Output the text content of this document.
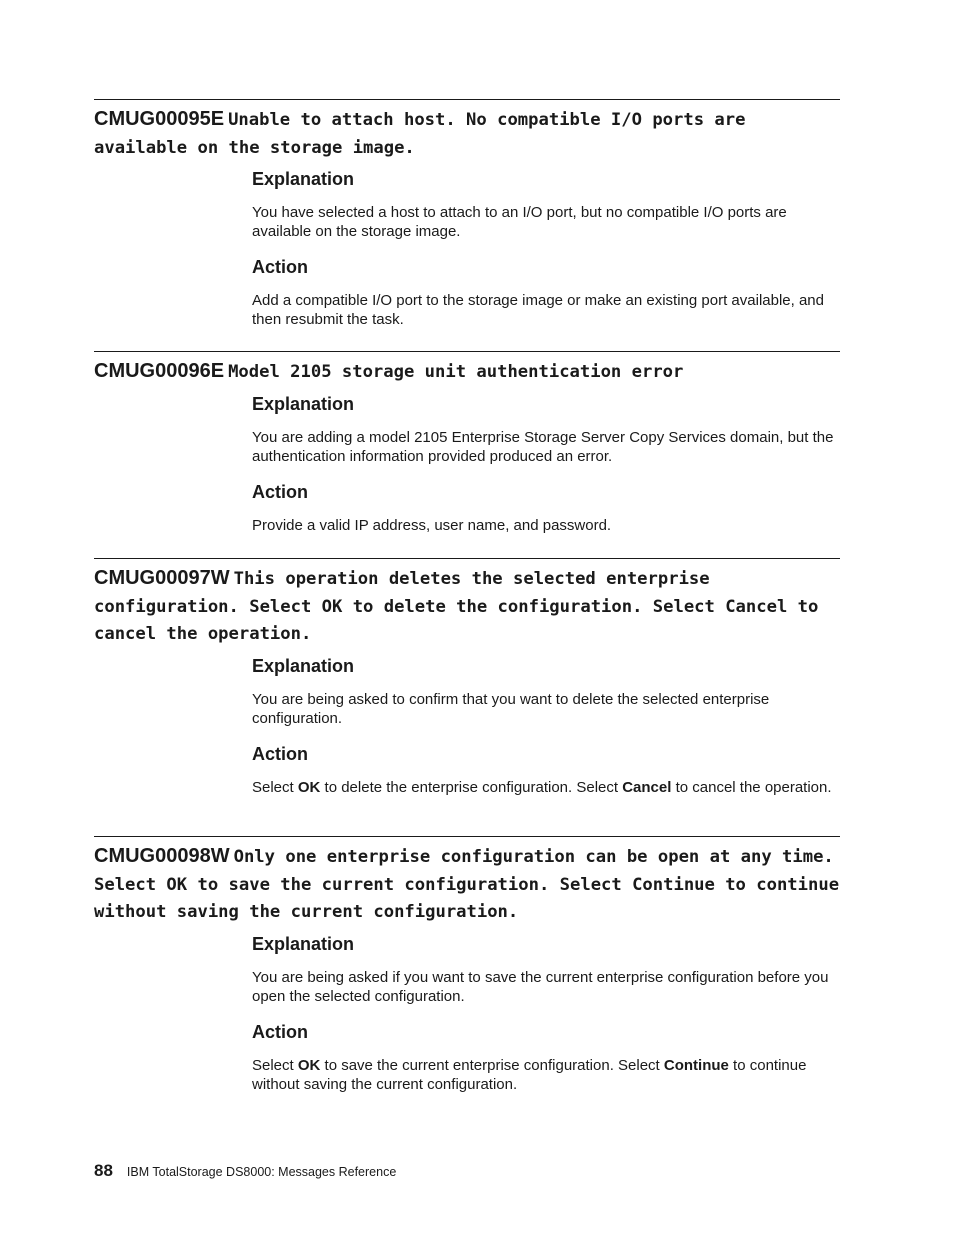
CMUG00095E Unable to attach host. No compatible I/O ports are available on the storage image.

Explanation

You have selected a host to attach to an I/O port, but no compatible I/O ports are available on the storage image.

Action

Add a compatible I/O port to the storage image or make an existing port available, and then resubmit the task.

CMUG00096E Model 2105 storage unit authentication error

Explanation

You are adding a model 2105 Enterprise Storage Server Copy Services domain, but the authentication information provided produced an error.

Action

Provide a valid IP address, user name, and password.

CMUG00097W This operation deletes the selected enterprise configuration. Select OK to delete the configuration. Select Cancel to cancel the operation.

Explanation

You are being asked to confirm that you want to delete the selected enterprise configuration.

Action

Select OK to delete the enterprise configuration. Select Cancel to cancel the operation.

CMUG00098W Only one enterprise configuration can be open at any time. Select OK to save the current configuration. Select Continue to continue without saving the current configuration.

Explanation

You are being asked if you want to save the current enterprise configuration before you open the selected configuration.

Action

Select OK to save the current enterprise configuration. Select Continue to continue without saving the current configuration.

88 IBM TotalStorage DS8000: Messages Reference
